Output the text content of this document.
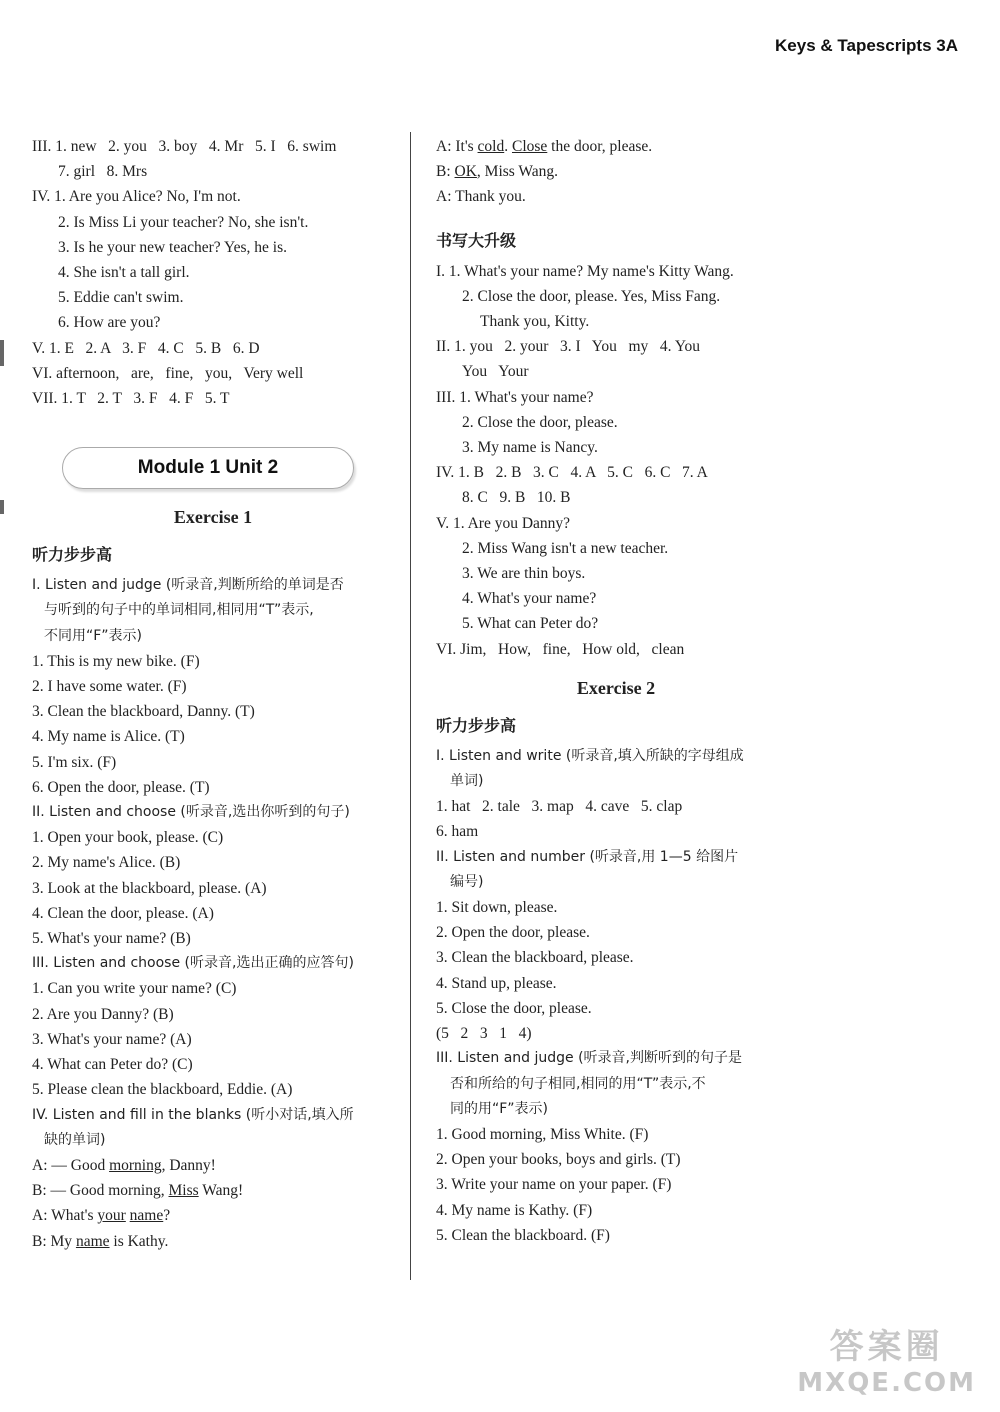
Keys & Tapescripts 3A
III. 1. new   2. you   3. boy   4. Mr   5. I   6. swim
7. girl   8. Mrs
IV. 1. Are you Alice? No, I'm not.
2. Is Miss Li your teacher? No, she isn't.
3. Is he your new teacher? Yes, he is.
4. She isn't a tall girl.
5. Eddie can't swim.
6. How are you?
V. 1. E   2. A   3. F   4. C   5. B   6. D
VI. afternoon,   are,   fine,   you,   Very well
VII. 1. T   2. T   3. F   4. F   5. T
Module 1 Unit 2
Exercise 1
听力步步高
I. Listen and judge (听录音,判断所给的单词是否
与听到的句子中的单词相同,相同用“T”表示,
不同用“F”表示)
1. This is my new bike. (F)
2. I have some water. (F)
3. Clean the blackboard, Danny. (T)
4. My name is Alice. (T)
5. I'm six. (F)
6. Open the door, please. (T)
II. Listen and choose (听录音,选出你听到的句子)
1. Open your book, please. (C)
2. My name's Alice. (B)
3. Look at the blackboard, please. (A)
4. Clean the door, please. (A)
5. What's your name? (B)
III. Listen and choose (听录音,选出正确的应答句)
1. Can you write your name? (C)
2. Are you Danny? (B)
3. What's your name? (A)
4. What can Peter do? (C)
5. Please clean the blackboard, Eddie. (A)
IV. Listen and fill in the blanks (听小对话,填入所
缺的单词)
A: — Good morning, Danny!
B: — Good morning, Miss Wang!
A: What's your name?
B: My name is Kathy.
A: It's cold. Close the door, please.
B: OK, Miss Wang.
A: Thank you.
书写大升级
I. 1. What's your name? My name's Kitty Wang.
2. Close the door, please. Yes, Miss Fang.
Thank you, Kitty.
II. 1. you   2. your   3. I   You   my   4. You
You   Your
III. 1. What's your name?
2. Close the door, please.
3. My name is Nancy.
IV. 1. B   2. B   3. C   4. A   5. C   6. C   7. A
8. C   9. B   10. B
V. 1. Are you Danny?
2. Miss Wang isn't a new teacher.
3. We are thin boys.
4. What's your name?
5. What can Peter do?
VI. Jim,   How,   fine,   How old,   clean
Exercise 2
听力步步高
I. Listen and write (听录音,填入所缺的字母组成
单词)
1. hat   2. tale   3. map   4. cave   5. clap
6. ham
II. Listen and number (听录音,用 1—5 给图片
编号)
1. Sit down, please.
2. Open the door, please.
3. Clean the blackboard, please.
4. Stand up, please.
5. Close the door, please.
(5   2   3   1   4)
III. Listen and judge (听录音,判断听到的句子是
否和所给的句子相同,相同的用“T”表示,不
同的用“F”表示)
1. Good morning, Miss White. (F)
2. Open your books, boys and girls. (T)
3. Write your name on your paper. (F)
4. My name is Kathy. (F)
5. Clean the blackboard. (F)
答案圈
MXQE.COM
